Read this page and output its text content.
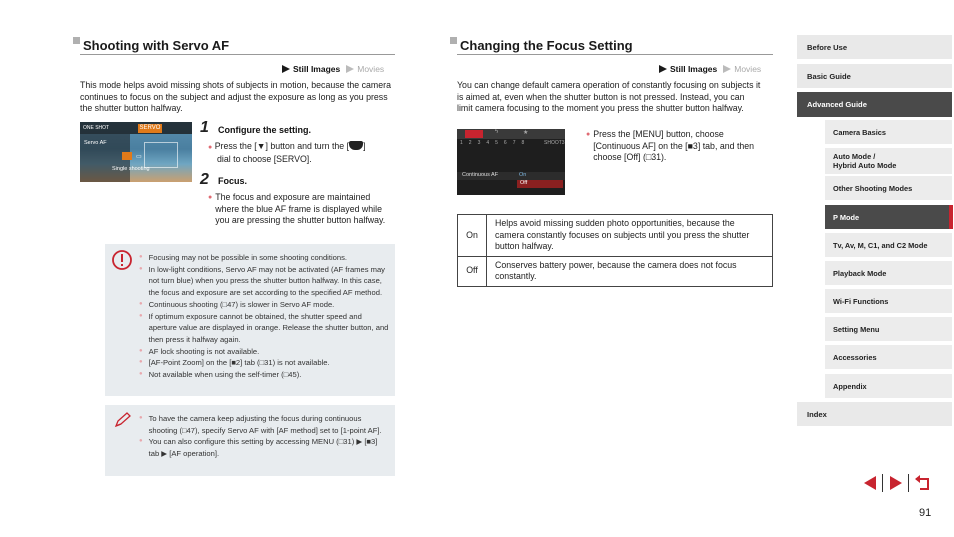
Shooting with Servo AF
Still Images Movies
This mode helps avoid missing shots of subjects in motion, because the camera continues to focus on the subject and adjust the exposure as long as you press the shutter button halfway.
ONE SHOT	SERVO
Servo AF
▭
Single shooting
1 Configure the setting.
● Press the [▼] button and turn the [ ]
dial to choose [SERVO].
2 Focus.
● The focus and exposure are maintained where the blue AF frame is displayed while you are pressing the shutter button halfway.
● Focusing may not be possible in some shooting conditions.
● In low-light conditions, Servo AF may not be activated (AF frames may not turn blue) when you press the shutter button halfway. In this case, the focus and exposure are set according to the specified AF method.
● Continuous shooting (□47) is slower in Servo AF mode.
● If optimum exposure cannot be obtained, the shutter speed and aperture value are displayed in orange. Release the shutter button, and then press it halfway again.
● AF lock shooting is not available.
● [AF-Point Zoom] on the [■2] tab (□31) is not available.
● Not available when using the self-timer (□45).
● To have the camera keep adjusting the focus during continuous shooting (□47), specify Servo AF with [AF method] set to [1-point AF].
● You can also configure this setting by accessing MENU (□31) ▶ [■3] tab ▶ [AF operation].
Changing the Focus Setting
Still Images Movies
You can change default camera operation of constantly focusing on subjects it is aimed at, even when the shutter button is not pressed. Instead, you can limit camera focusing to the moment you press the shutter button halfway.
ϟ	★
1 2 3 4 5 6 7 8	SHOOT3
Continuous AF	On
Off
● Press the [MENU] button, choose [Continuous AF] on the [■3] tab, and then choose [Off] (□31).
On	Helps avoid missing sudden photo opportunities, because the camera constantly focuses on subjects until you press the shutter button halfway.
Off	Conserves battery power, because the camera does not focus constantly.
Before Use
Basic Guide
Advanced Guide
Camera Basics
Auto Mode /
Hybrid Auto Mode
Other Shooting Modes
P Mode
Tv, Av, M, C1, and C2 Mode
Playback Mode
Wi-Fi Functions
Setting Menu
Accessories
Appendix
Index
91
